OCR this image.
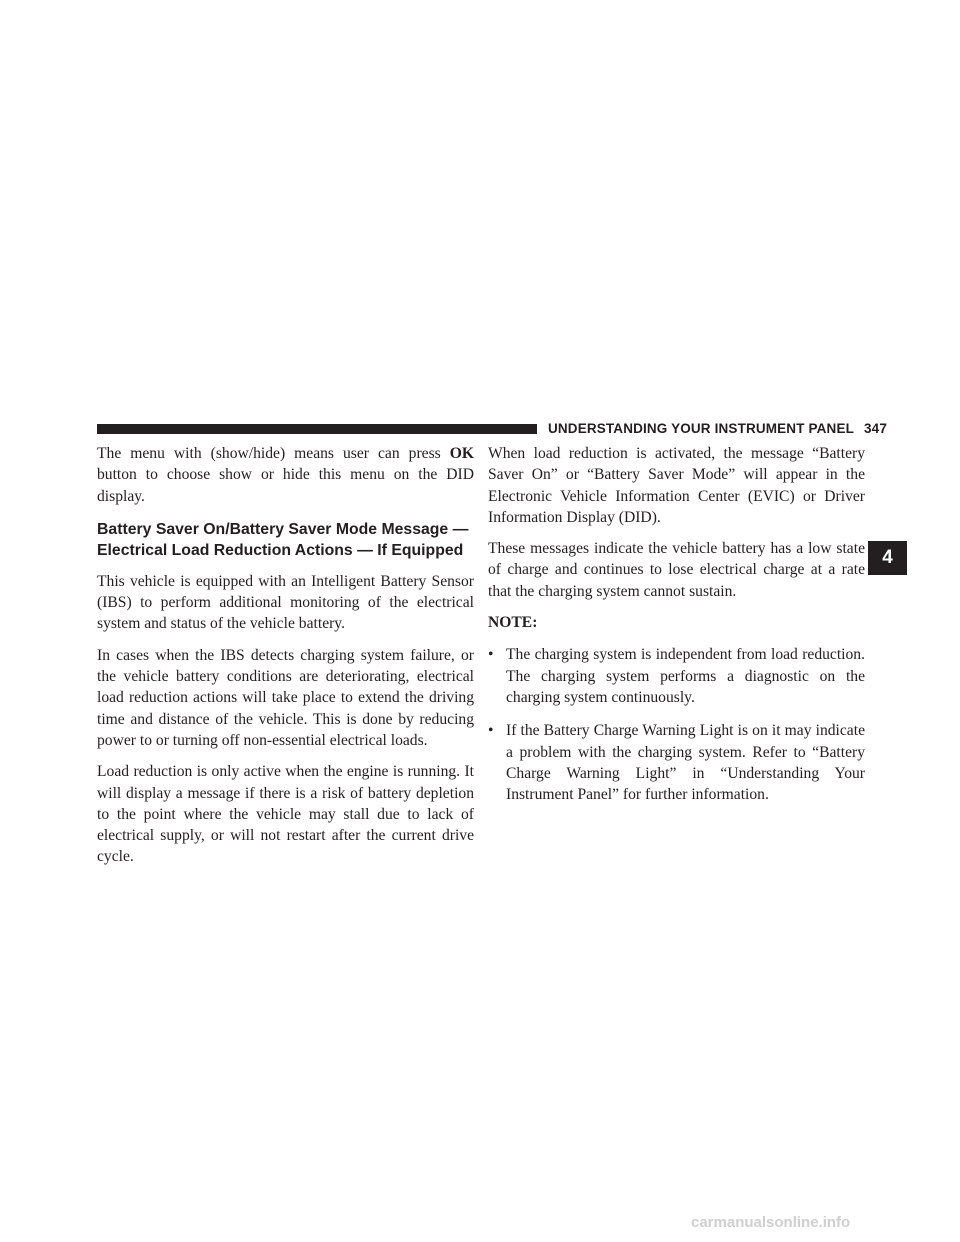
UNDERSTANDING YOUR INSTRUMENT PANEL 347

The menu with (show/hide) means user can press OK button to choose show or hide this menu on the DID display.

Battery Saver On/Battery Saver Mode Message —
Electrical Load Reduction Actions — If Equipped

This vehicle is equipped with an Intelligent Battery Sensor (IBS) to perform additional monitoring of the electrical system and status of the vehicle battery.

In cases when the IBS detects charging system failure, or the vehicle battery conditions are deteriorating, electrical load reduction actions will take place to extend the driving time and distance of the vehicle. This is done by reducing power to or turning off non-essential electrical loads.

Load reduction is only active when the engine is running. It will display a message if there is a risk of battery depletion to the point where the vehicle may stall due to lack of electrical supply, or will not restart after the current drive cycle.

When load reduction is activated, the message “Battery Saver On” or “Battery Saver Mode” will appear in the Electronic Vehicle Information Center (EVIC) or Driver Information Display (DID).

These messages indicate the vehicle battery has a low state of charge and continues to lose electrical charge at a rate that the charging system cannot sustain.

NOTE:

• The charging system is independent from load reduction. The charging system performs a diagnostic on the charging system continuously.
• If the Battery Charge Warning Light is on it may indicate a problem with the charging system. Refer to “Battery Charge Warning Light” in “Understanding Your Instrument Panel” for further information.
4
carmanualsonline.info
